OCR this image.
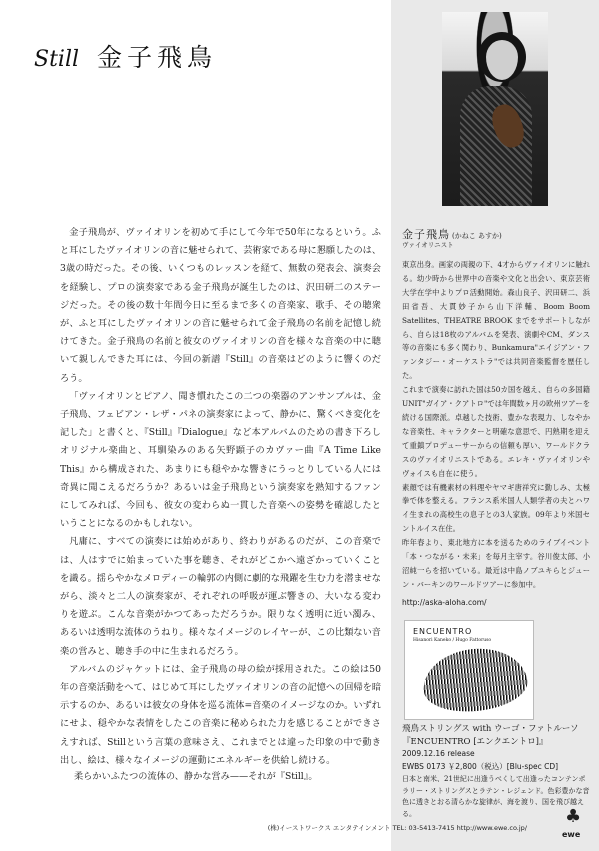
Still 金子飛鳥

金子飛鳥が、ヴァイオリンを初めて手にして今年で50年になるという。ふと耳にしたヴァイオリンの音に魅せられて、芸術家である母に懇願したのは、3歳の時だった。その後、いくつものレッスンを経て、無数の発表会、演奏会を経験し、プロの演奏家である金子飛鳥が誕生したのは、沢田研二のステージだった。その後の数十年間今日に至るまで多くの音楽家、歌手、その聴衆が、ふと耳にしたヴァイオリンの音に魅せられて金子飛鳥の名前を記憶し続けてきた。金子飛鳥の名前と彼女のヴァイオリンの音を様々な音楽の中に聴いて親しんできた耳には、今回の新譜『Still』の音楽はどのように響くのだろう。

「ヴァイオリンとピアノ、聞き慣れたこの二つの楽器のアンサンブルは、金子飛鳥、フェビアン・レザ・パネの演奏家によって、静かに、驚くべき変化を記した」と書くと、『Still』『Dialogue』など本アルバムのための書き下ろしオリジナル楽曲と、耳馴染みのある矢野顕子のカヴァー曲『A Time Like This』から構成された、あまりにも穏やかな響きにうっとりしている人には奇異に聞こえるだろうか？あるいは金子飛鳥という演奏家を熟知するファンにしてみれば、今回も、彼女の変わらぬ一貫した音楽への姿勢を確認したということになるのかもしれない。

凡庸に、すべての演奏には始めがあり、終わりがあるのだが、この音楽では、人はすでに始まっていた事を聴き、それがどこかへ遠ざかっていくことを識る。揺らやかなメロディーの輪郭の内側に劇的な飛躍を生む力を潜ませながら、淡々と二人の演奏家が、それぞれの呼吸が運ぶ響きの、大いなる変わりを遊ぶ。こんな音楽がかつてあっただろうか。限りなく透明に近い濁み、あるいは透明な流体のうねり。様々なイメージのレイヤーが、この比類ない音楽の営みと、聴き手の中に生まれるだろう。

アルバムのジャケットには、金子飛鳥の母の絵が採用された。この絵は50年の音楽活動をへて、はじめて耳にしたヴァイオリンの音の記憶への回帰を暗示するのか、あるいは彼女の身体を巡る流体=音楽のイメージなのか。いずれにせよ、穏やかな表情をしたこの音楽に秘められた力を感じることができさえすれば、Stillという言葉の意味さえ、これまでとは違った印象の中で動き出し、絵は、様々なイメージの運動にエネルギーを供給し続ける。

柔らかいふたつの流体の、静かな営み——それが『Still』。
金子飛鳥 (かねこ あすか)
ヴァイオリニスト

東京出身。画家の両親の下、4才からヴァイオリンに触れる。幼少時から世界中の音楽や文化と出会い、東京芸術大学在学中よりプロ活動開始。森山良子、沢田研二、浜田省吾、大貫妙子から山下洋輔、Boom Boom Satellites、THEATRE BROOK までをサポートしながら、自らは18枚のアルバムを発表、演劇やCM、ダンス等の音楽にも多く関わり、Bunkamura"エイジアン・ファンタジー・オーケストラ"では共同音楽監督を歴任した。

これまで演奏に訪れた国は50カ国を越え、自らの多国籍UNIT"ガイア・クアトロ"では年間数ヶ月の欧州ツアーを続ける国際派。卓越した技術、豊かな表現力、しなやかな音楽性、キャラクターと明確な意思で、円熟期を迎えて重鎮プロデューサーからの信頼も厚い、ワールドクラスのヴァイオリニストである。エレキ・ヴァイオリンやヴォイスも自在に使う。

素顔では有機素材の料理やヤマギ唐祥究に勤しみ、太極拳で体を整える。フランス系米国人人類学者の夫とハワイ生まれの高校生の息子との3人家族。09年より米国セントルイス在住。

昨年春より、東北地方に本を送るためのライブイベント「本・つながる・未来」を毎月主宰す。谷川俊太郎、小沼純一らを招いている。最近は中島ノブユキらとジューン・バーキンのワールドツアーに参加中。

http://aska-aloha.com/
ENCUENTRO
Hisanori Kaneko / Hugo Fattoruso
飛鳥ストリングス with ウーゴ・ファトルーソ
『ENCUENTRO [エンクエントロ]』
2009.12.16 release
EWBS 0173 ￥2,800（税込）[Blu-spec CD]
日本と南米、21世紀に出逢うべくして出逢ったコンテンポラリー・ストリングスとラテン・レジェンド。色彩豊かな音色に透きとおる清らかな旋律が、海を渡り、国を飛び越える。
(株)イーストワークス エンタテインメント TEL: 03-5413-7415 http://www.ewe.co.jp/
♣
ewe
